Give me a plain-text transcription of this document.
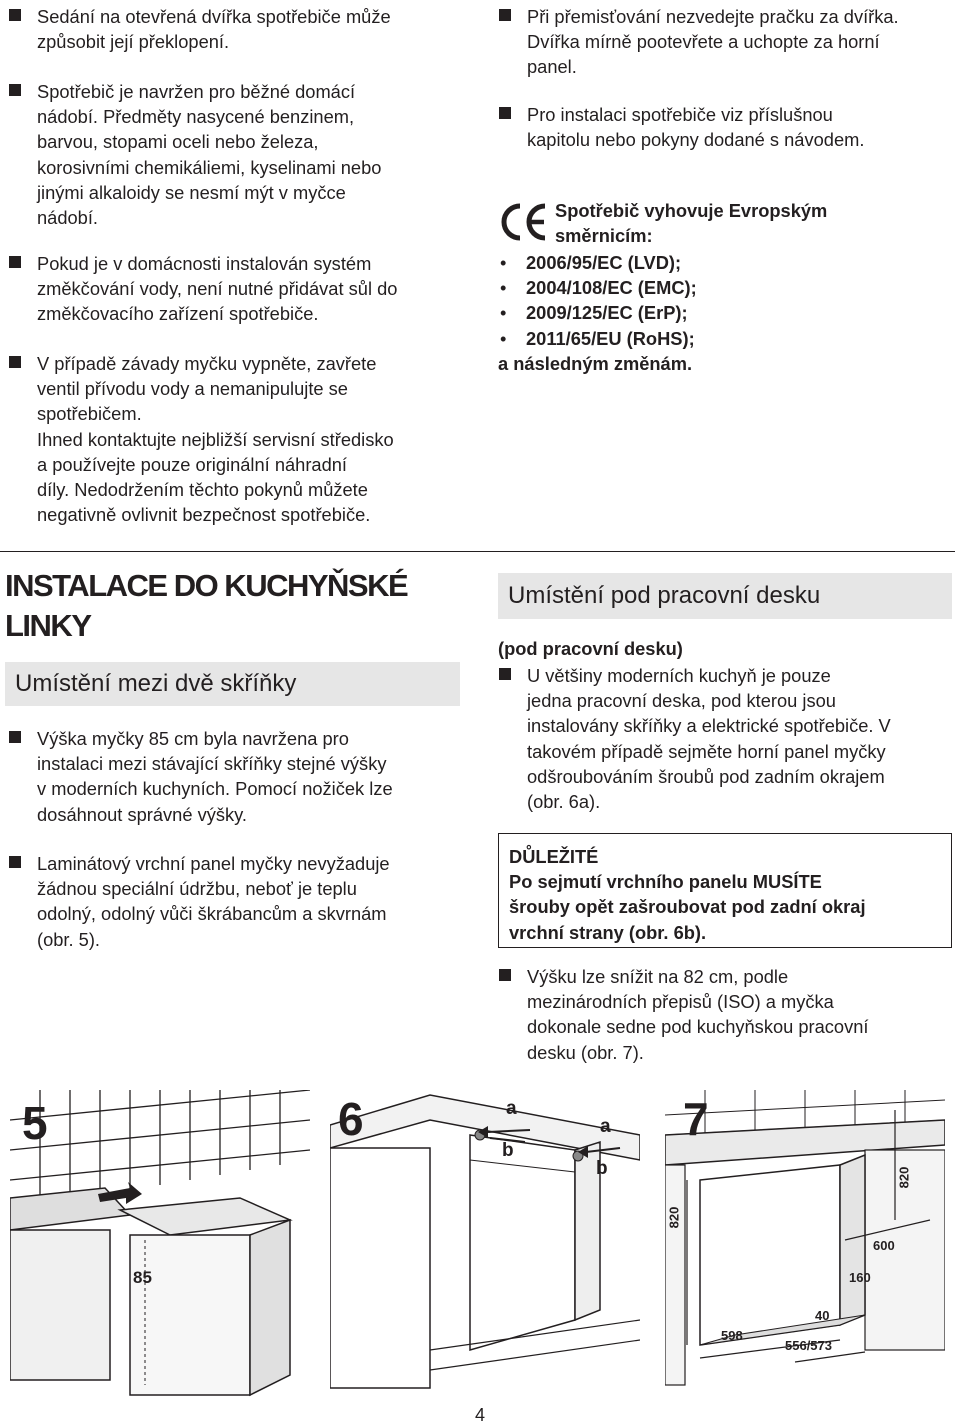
Sedání na otevřená dvířka spotřebiče může
způsobit její překlopení.
Spotřebič je navržen pro běžné domácí
nádobí. Předměty nasycené benzinem,
barvou, stopami oceli nebo železa,
korosivními chemikáliemi, kyselinami nebo
jinými alkaloidy se nesmí mýt v myčce
nádobí.
Pokud je v domácnosti instalován systém
změkčování vody, není nutné přidávat sůl do
změkčovacího zařízení spotřebiče.
V případě závady myčku vypněte, zavřete
ventil přívodu vody a nemanipulujte se
spotřebičem.
Ihned kontaktujte nejbližší servisní středisko
a používejte pouze originální náhradní
díly. Nedodržením těchto pokynů můžete
negativně ovlivnit bezpečnost spotřebiče.
Při přemisťování nezvedejte pračku za dvířka.
Dvířka mírně pootevřete a uchopte za horní
panel.
Pro instalaci spotřebiče viz příslušnou
kapitolu nebo pokyny dodané s návodem.
Spotřebič vyhovuje Evropským
směrnicím:
• 2006/95/EC (LVD);
• 2004/108/EC (EMC);
• 2009/125/EC (ErP);
• 2011/65/EU (RoHS);
a následným změnám.
INSTALACE DO KUCHYŇSKÉ
LINKY
Umístění mezi dvě skříňky
Výška myčky 85 cm byla navržena pro
instalaci mezi stávající skříňky stejné výšky
v moderních kuchyních. Pomocí nožiček lze
dosáhnout správné výšky.
Laminátový vrchní panel myčky nevyžaduje
žádnou speciální údržbu, neboť je teplu
odolný, odolný vůči škrábancům a skvrnám
(obr. 5).
Umístění pod pracovní desku
(pod pracovní desku)
U většiny moderních kuchyň je pouze
jedna pracovní deska, pod kterou jsou
instalovány skříňky a elektrické spotřebiče. V
takovém případě sejměte horní panel myčky
odšroubováním šroubů pod zadním okrajem
(obr. 6a).
DŮLEŽITÉ
Po sejmutí vrchního panelu MUSÍTE
šrouby opět zašroubovat pod zadní okraj
vrchní strany (obr. 6b).
Výšku lze snížit na 82 cm, podle
mezinárodních přepisů (ISO) a myčka
dokonale sedne pod kuchyňskou pracovní
desku (obr. 7).
5
85
6	a
b
a
b
7
820
820
600
160
40
598
556/573
4
